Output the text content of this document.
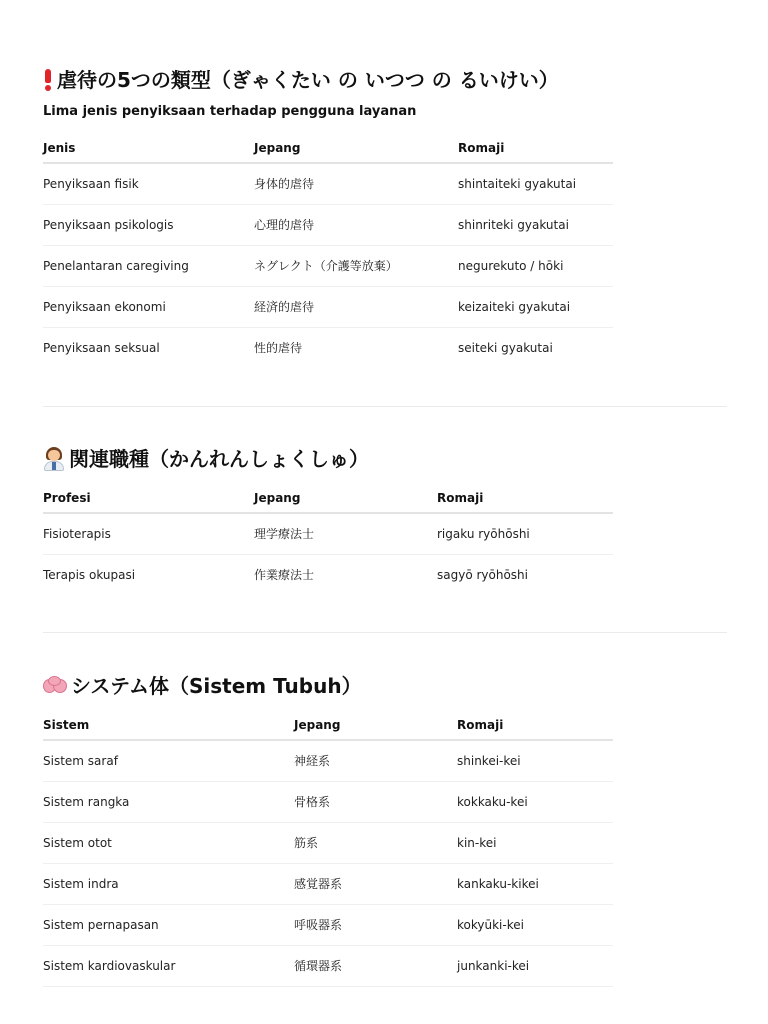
虐待の5つの類型（ぎゃくたい の いつつ の るいけい）
Lima jenis penyiksaan terhadap pengguna layanan
Jenis	Jepang	Romaji
Penyiksaan fisik	身体的虐待	shintaiteki gyakutai
Penyiksaan psikologis	心理的虐待	shinriteki gyakutai
Penelantaran caregiving	ネグレクト（介護等放棄）	negurekuto / hōki
Penyiksaan ekonomi	経済的虐待	keizaiteki gyakutai
Penyiksaan seksual	性的虐待	seiteki gyakutai
関連職種（かんれんしょくしゅ）
Profesi	Jepang	Romaji
Fisioterapis	理学療法士	rigaku ryōhōshi
Terapis okupasi	作業療法士	sagyō ryōhōshi
システム体（Sistem Tubuh）
Sistem	Jepang	Romaji
Sistem saraf	神経系	shinkei-kei
Sistem rangka	骨格系	kokkaku-kei
Sistem otot	筋系	kin-kei
Sistem indra	感覚器系	kankaku-kikei
Sistem pernapasan	呼吸器系	kokyūki-kei
Sistem kardiovaskular	循環器系	junkanki-kei
